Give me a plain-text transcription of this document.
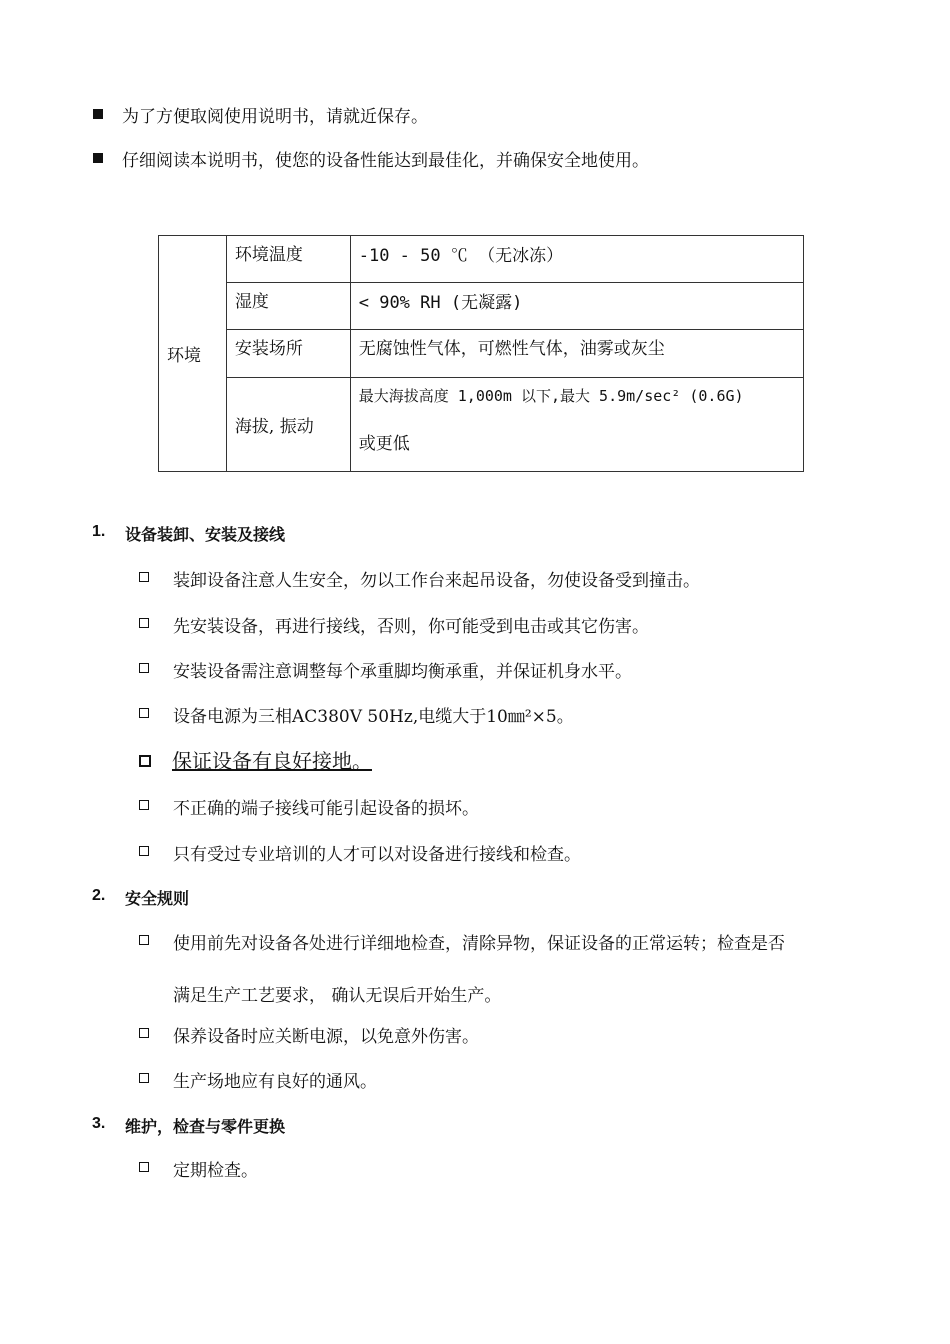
为了方便取阅使用说明书，请就近保存。
仔细阅读本说明书，使您的设备性能达到最佳化，并确保安全地使用。
环境	环境温度	-10 - 50 ℃ （无冰冻）
	湿度	< 90% RH (无凝露)
	安装场所	无腐蚀性气体，可燃性气体，油雾或灰尘
	海拔, 振动	最大海拔高度 1,000m 以下,最大 5.9m/sec² (0.6G)
或更低
1. 设备装卸、安装及接线
装卸设备注意人生安全，勿以工作台来起吊设备，勿使设备受到撞击。
先安装设备，再进行接线，否则，你可能受到电击或其它伤害。
安装设备需注意调整每个承重脚均衡承重，并保证机身水平。
设备电源为三相AC380V 50Hz,电缆大于10㎜²×5。
保证设备有良好接地。
不正确的端子接线可能引起设备的损坏。
只有受过专业培训的人才可以对设备进行接线和检查。
2. 安全规则
使用前先对设备各处进行详细地检查，清除异物，保证设备的正常运转；检查是否
满足生产工艺要求， 确认无误后开始生产。
保养设备时应关断电源，以免意外伤害。
生产场地应有良好的通风。
3. 维护，检查与零件更换
定期检查。
